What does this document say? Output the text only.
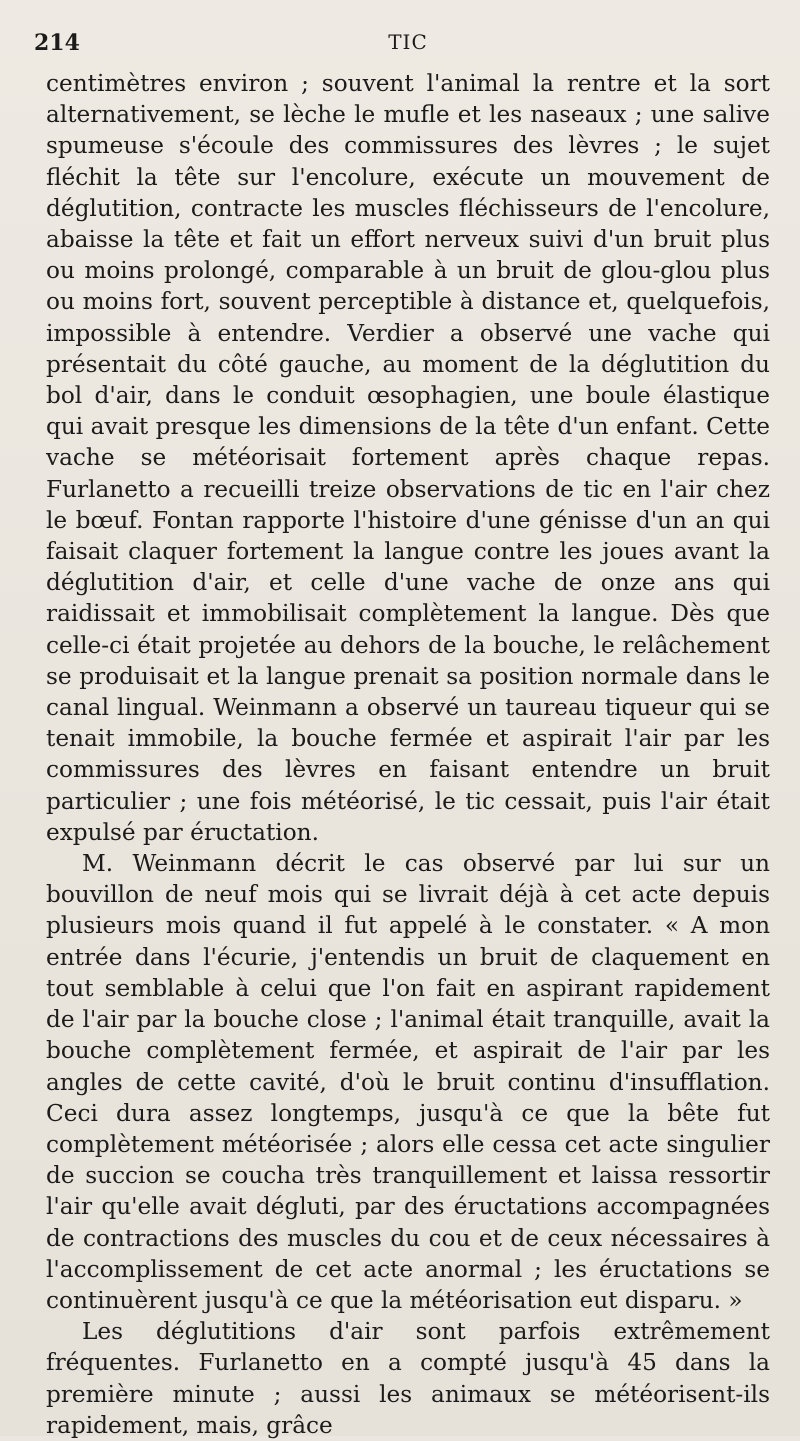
214	TIC

centimètres environ ; souvent l'animal la rentre et la sort alternativement, se lèche le mufle et les naseaux ; une salive spumeuse s'écoule des commissures des lèvres ; le sujet fléchit la tête sur l'encolure, exécute un mouvement de déglutition, contracte les muscles fléchisseurs de l'encolure, abaisse la tête et fait un effort nerveux suivi d'un bruit plus ou moins prolongé, comparable à un bruit de glou-glou plus ou moins fort, souvent perceptible à distance et, quelquefois, impossible à entendre. Verdier a observé une vache qui présentait du côté gauche, au moment de la déglutition du bol d'air, dans le conduit œsophagien, une boule élastique qui avait presque les dimensions de la tête d'un enfant. Cette vache se météorisait fortement après chaque repas. Furlanetto a recueilli treize observations de tic en l'air chez le bœuf. Fontan rapporte l'histoire d'une génisse d'un an qui faisait claquer fortement la langue contre les joues avant la déglutition d'air, et celle d'une vache de onze ans qui raidissait et immobilisait complètement la langue. Dès que celle-ci était projetée au dehors de la bouche, le relâchement se produisait et la langue prenait sa position normale dans le canal lingual. Weinmann a observé un taureau tiqueur qui se tenait immobile, la bouche fermée et aspirait l'air par les commissures des lèvres en faisant entendre un bruit particulier ; une fois météorisé, le tic cessait, puis l'air était expulsé par éructation.

M. Weinmann décrit le cas observé par lui sur un bouvillon de neuf mois qui se livrait déjà à cet acte depuis plusieurs mois quand il fut appelé à le constater. « A mon entrée dans l'écurie, j'entendis un bruit de claquement en tout semblable à celui que l'on fait en aspirant rapidement de l'air par la bouche close ; l'animal était tranquille, avait la bouche complètement fermée, et aspirait de l'air par les angles de cette cavité, d'où le bruit continu d'insufflation. Ceci dura assez longtemps, jusqu'à ce que la bête fut complètement météorisée ; alors elle cessa cet acte singulier de succion se coucha très tranquillement et laissa ressortir l'air qu'elle avait dégluti, par des éructations accompagnées de contractions des muscles du cou et de ceux nécessaires à l'accomplissement de cet acte anormal ; les éructations se continuèrent jusqu'à ce que la météorisation eut disparu. »

Les déglutitions d'air sont parfois extrêmement fréquentes. Furlanetto en a compté jusqu'à 45 dans la première minute ; aussi les animaux se météorisent-ils rapidement, mais, grâce
